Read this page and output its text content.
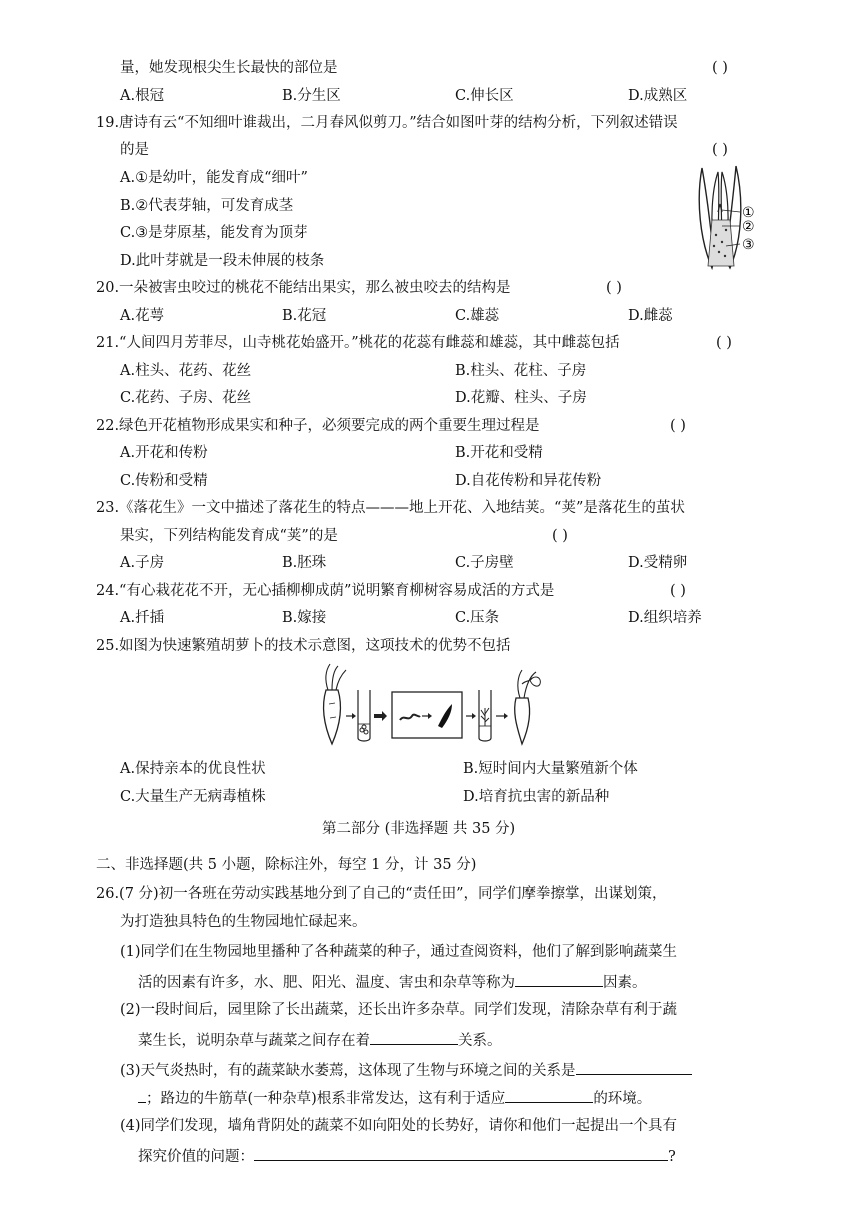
量，她发现根尖生长最快的部位是	( )
A.根冠	B.分生区	C.伸长区	D.成熟区
19.唐诗有云“不知细叶谁裁出，二月春风似剪刀。”结合如图叶芽的结构分析，下列叙述错误
的是	( )
A.①是幼叶，能发育成“细叶”
B.②代表芽轴，可发育成茎
C.③是芽原基，能发育为顶芽
D.此叶芽就是一段未伸展的枝条
①
②
③
20.一朵被害虫咬过的桃花不能结出果实，那么被虫咬去的结构是	( )
A.花萼	B.花冠	C.雄蕊	D.雌蕊
21.“人间四月芳菲尽，山寺桃花始盛开。”桃花的花蕊有雌蕊和雄蕊，其中雌蕊包括	( )
A.柱头、花药、花丝	B.柱头、花柱、子房
C.花药、子房、花丝	D.花瓣、柱头、子房
22.绿色开花植物形成果实和种子，必须要完成的两个重要生理过程是	( )
A.开花和传粉	B.开花和受精
C.传粉和受精	D.自花传粉和异花传粉
23.《落花生》一文中描述了落花生的特点———地上开花、入地结荚。“荚”是落花生的茧状
果实，下列结构能发育成“荚”的是	( )
A.子房	B.胚珠	C.子房壁	D.受精卵
24.“有心栽花花不开，无心插柳柳成荫”说明繁育柳树容易成活的方式是	( )
A.扦插	B.嫁接	C.压条	D.组织培养
25.如图为快速繁殖胡萝卜的技术示意图，这项技术的优势不包括
A.保持亲本的优良性状	B.短时间内大量繁殖新个体
C.大量生产无病毒植株	D.培育抗虫害的新品种
第二部分 (非选择题 共 35 分)
二、非选择题(共 5 小题，除标注外，每空 1 分，计 35 分)
26.(7 分)初一各班在劳动实践基地分到了自己的“责任田”，同学们摩拳擦掌，出谋划策，
为打造独具特色的生物园地忙碌起来。
(1)同学们在生物园地里播种了各种蔬菜的种子，通过查阅资料，他们了解到影响蔬菜生
活的因素有许多，水、肥、阳光、温度、害虫和杂草等称为	因素。
(2)一段时间后，园里除了长出蔬菜，还长出许多杂草。同学们发现，清除杂草有利于蔬
菜生长，说明杂草与蔬菜之间存在着	关系。
(3)天气炎热时，有的蔬菜缺水萎蔫，这体现了生物与环境之间的关系是
；路边的牛筋草(一种杂草)根系非常发达，这有利于适应	的环境。
(4)同学们发现，墙角背阴处的蔬菜不如向阳处的长势好，请你和他们一起提出一个具有
探究价值的问题：	?
